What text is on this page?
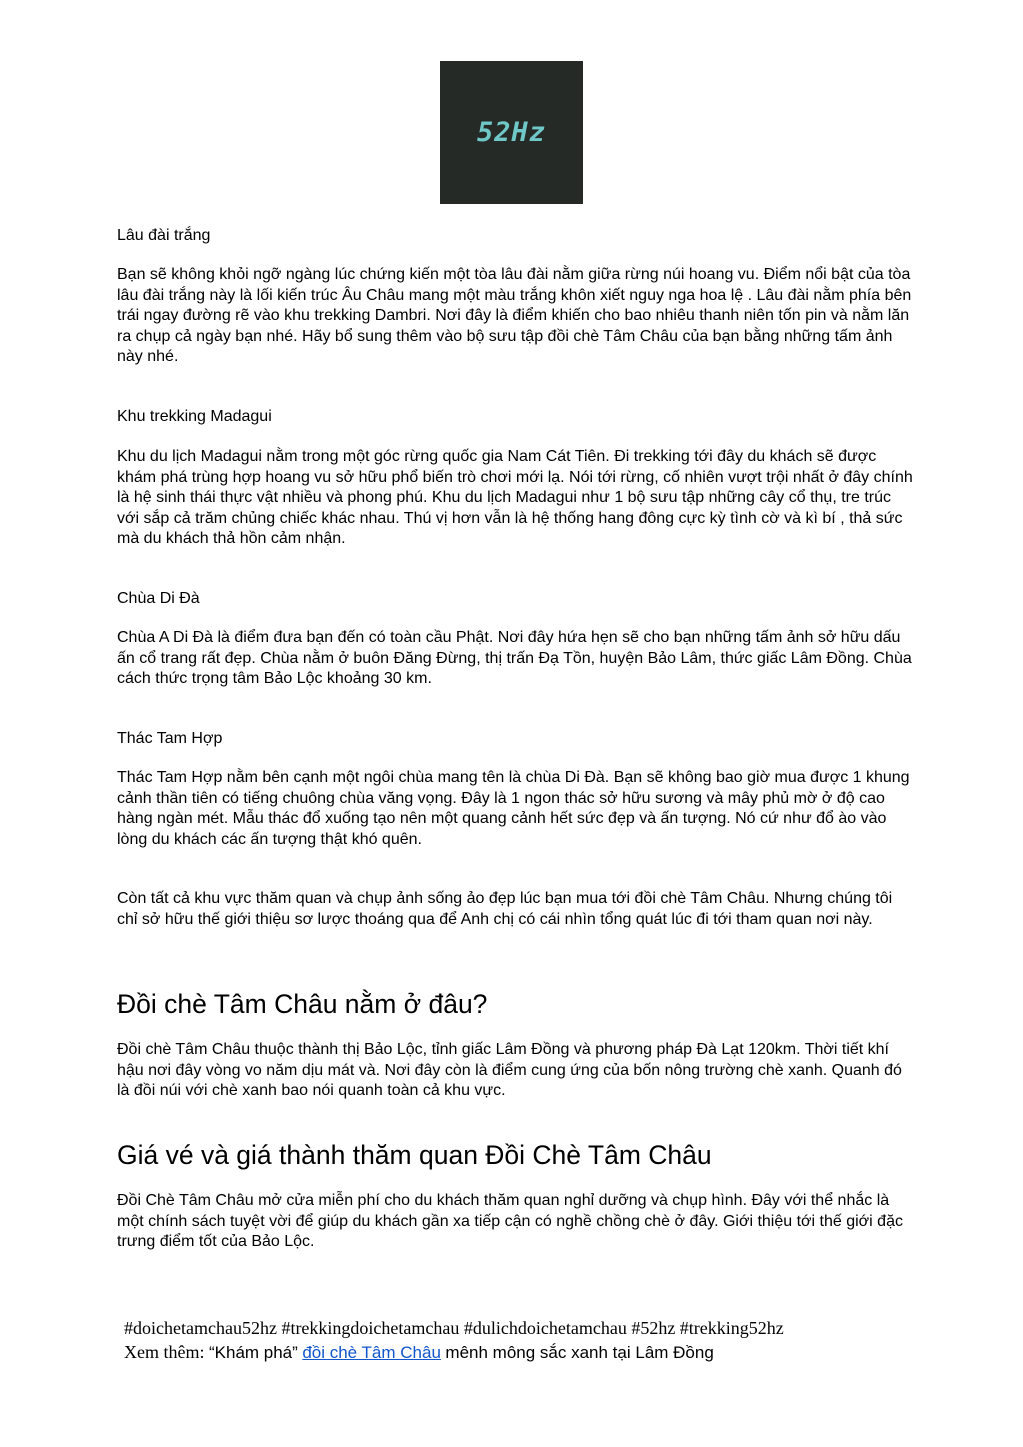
52Hz

Lâu đài trắng

Bạn sẽ không khỏi ngỡ ngàng lúc chứng kiến một tòa lâu đài nằm giữa rừng núi hoang vu. Điểm nổi bật của tòa lâu đài trắng này là lối kiến trúc Âu Châu mang một màu trắng khôn xiết nguy nga hoa lệ . Lâu đài nằm phía bên trái ngay đường rẽ vào khu trekking Dambri. Nơi đây là điểm khiến cho bao nhiêu thanh niên tốn pin và nằm lăn ra chụp cả ngày bạn nhé. Hãy bổ sung thêm vào bộ sưu tập đồi chè Tâm Châu của bạn bằng những tấm ảnh này nhé.

Khu trekking Madagui

Khu du lịch Madagui nằm trong một góc rừng quốc gia Nam Cát Tiên. Đi trekking tới đây du khách sẽ được khám phá trùng hợp hoang vu sở hữu phổ biến trò chơi mới lạ. Nói tới rừng, cố nhiên vượt trội nhất ở đây chính là hệ sinh thái thực vật nhiều và phong phú. Khu du lịch Madagui như 1 bộ sưu tập những cây cổ thụ, tre trúc với sắp cả trăm chủng chiếc khác nhau. Thú vị hơn vẫn là hệ thống hang đông cực kỳ tình cờ và kì bí , thả sức mà du khách thả hồn cảm nhận.

Chùa Di Đà

Chùa A Di Đà là điểm đưa bạn đến có toàn cầu Phật. Nơi đây hứa hẹn sẽ cho bạn những tấm ảnh sở hữu dấu ấn cổ trang rất đẹp. Chùa nằm ở buôn Đăng Đừng, thị trấn Đạ Tồn, huyện Bảo Lâm, thức giấc Lâm Đồng. Chùa cách thức trọng tâm Bảo Lộc khoảng 30 km.

Thác Tam Hợp

Thác Tam Hợp nằm bên cạnh một ngôi chùa mang tên là chùa Di Đà. Bạn sẽ không bao giờ mua được 1 khung cảnh thần tiên có tiếng chuông chùa văng vọng. Đây là 1 ngon thác sở hữu sương và mây phủ mờ ở độ cao hàng ngàn mét. Mẫu thác đổ xuống tạo nên một quang cảnh hết sức đẹp và ấn tượng. Nó cứ như đổ ào vào lòng du khách các ấn tượng thật khó quên.

Còn tất cả khu vực thăm quan và chụp ảnh sống ảo đẹp lúc bạn mua tới đồi chè Tâm Châu. Nhưng chúng tôi chỉ sở hữu thế giới thiệu sơ lược thoáng qua để Anh chị có cái nhìn tổng quát lúc đi tới tham quan nơi này.

Đồi chè Tâm Châu nằm ở đâu?

Đồi chè Tâm Châu thuộc thành thị Bảo Lộc, tỉnh giấc Lâm Đồng và phương pháp Đà Lạt 120km. Thời tiết khí hậu nơi đây vòng vo năm dịu mát và. Nơi đây còn là điểm cung ứng của bốn nông trường chè xanh. Quanh đó là đồi núi với chè xanh bao nói quanh toàn cả khu vực.

Giá vé và giá thành thăm quan Đồi Chè Tâm Châu

Đồi Chè Tâm Châu mở cửa miễn phí cho du khách thăm quan nghỉ dưỡng và chụp hình. Đây với thể nhắc là một chính sách tuyệt vời để giúp du khách gần xa tiếp cận có nghề chồng chè ở đây. Giới thiệu tới thế giới đặc trưng điểm tốt của Bảo Lộc.

#doichetamchau52hz #trekkingdoichetamchau #dulichdoichetamchau #52hz #trekking52hz
Xem thêm: “Khám phá” đồi chè Tâm Châu mênh mông sắc xanh tại Lâm Đồng
